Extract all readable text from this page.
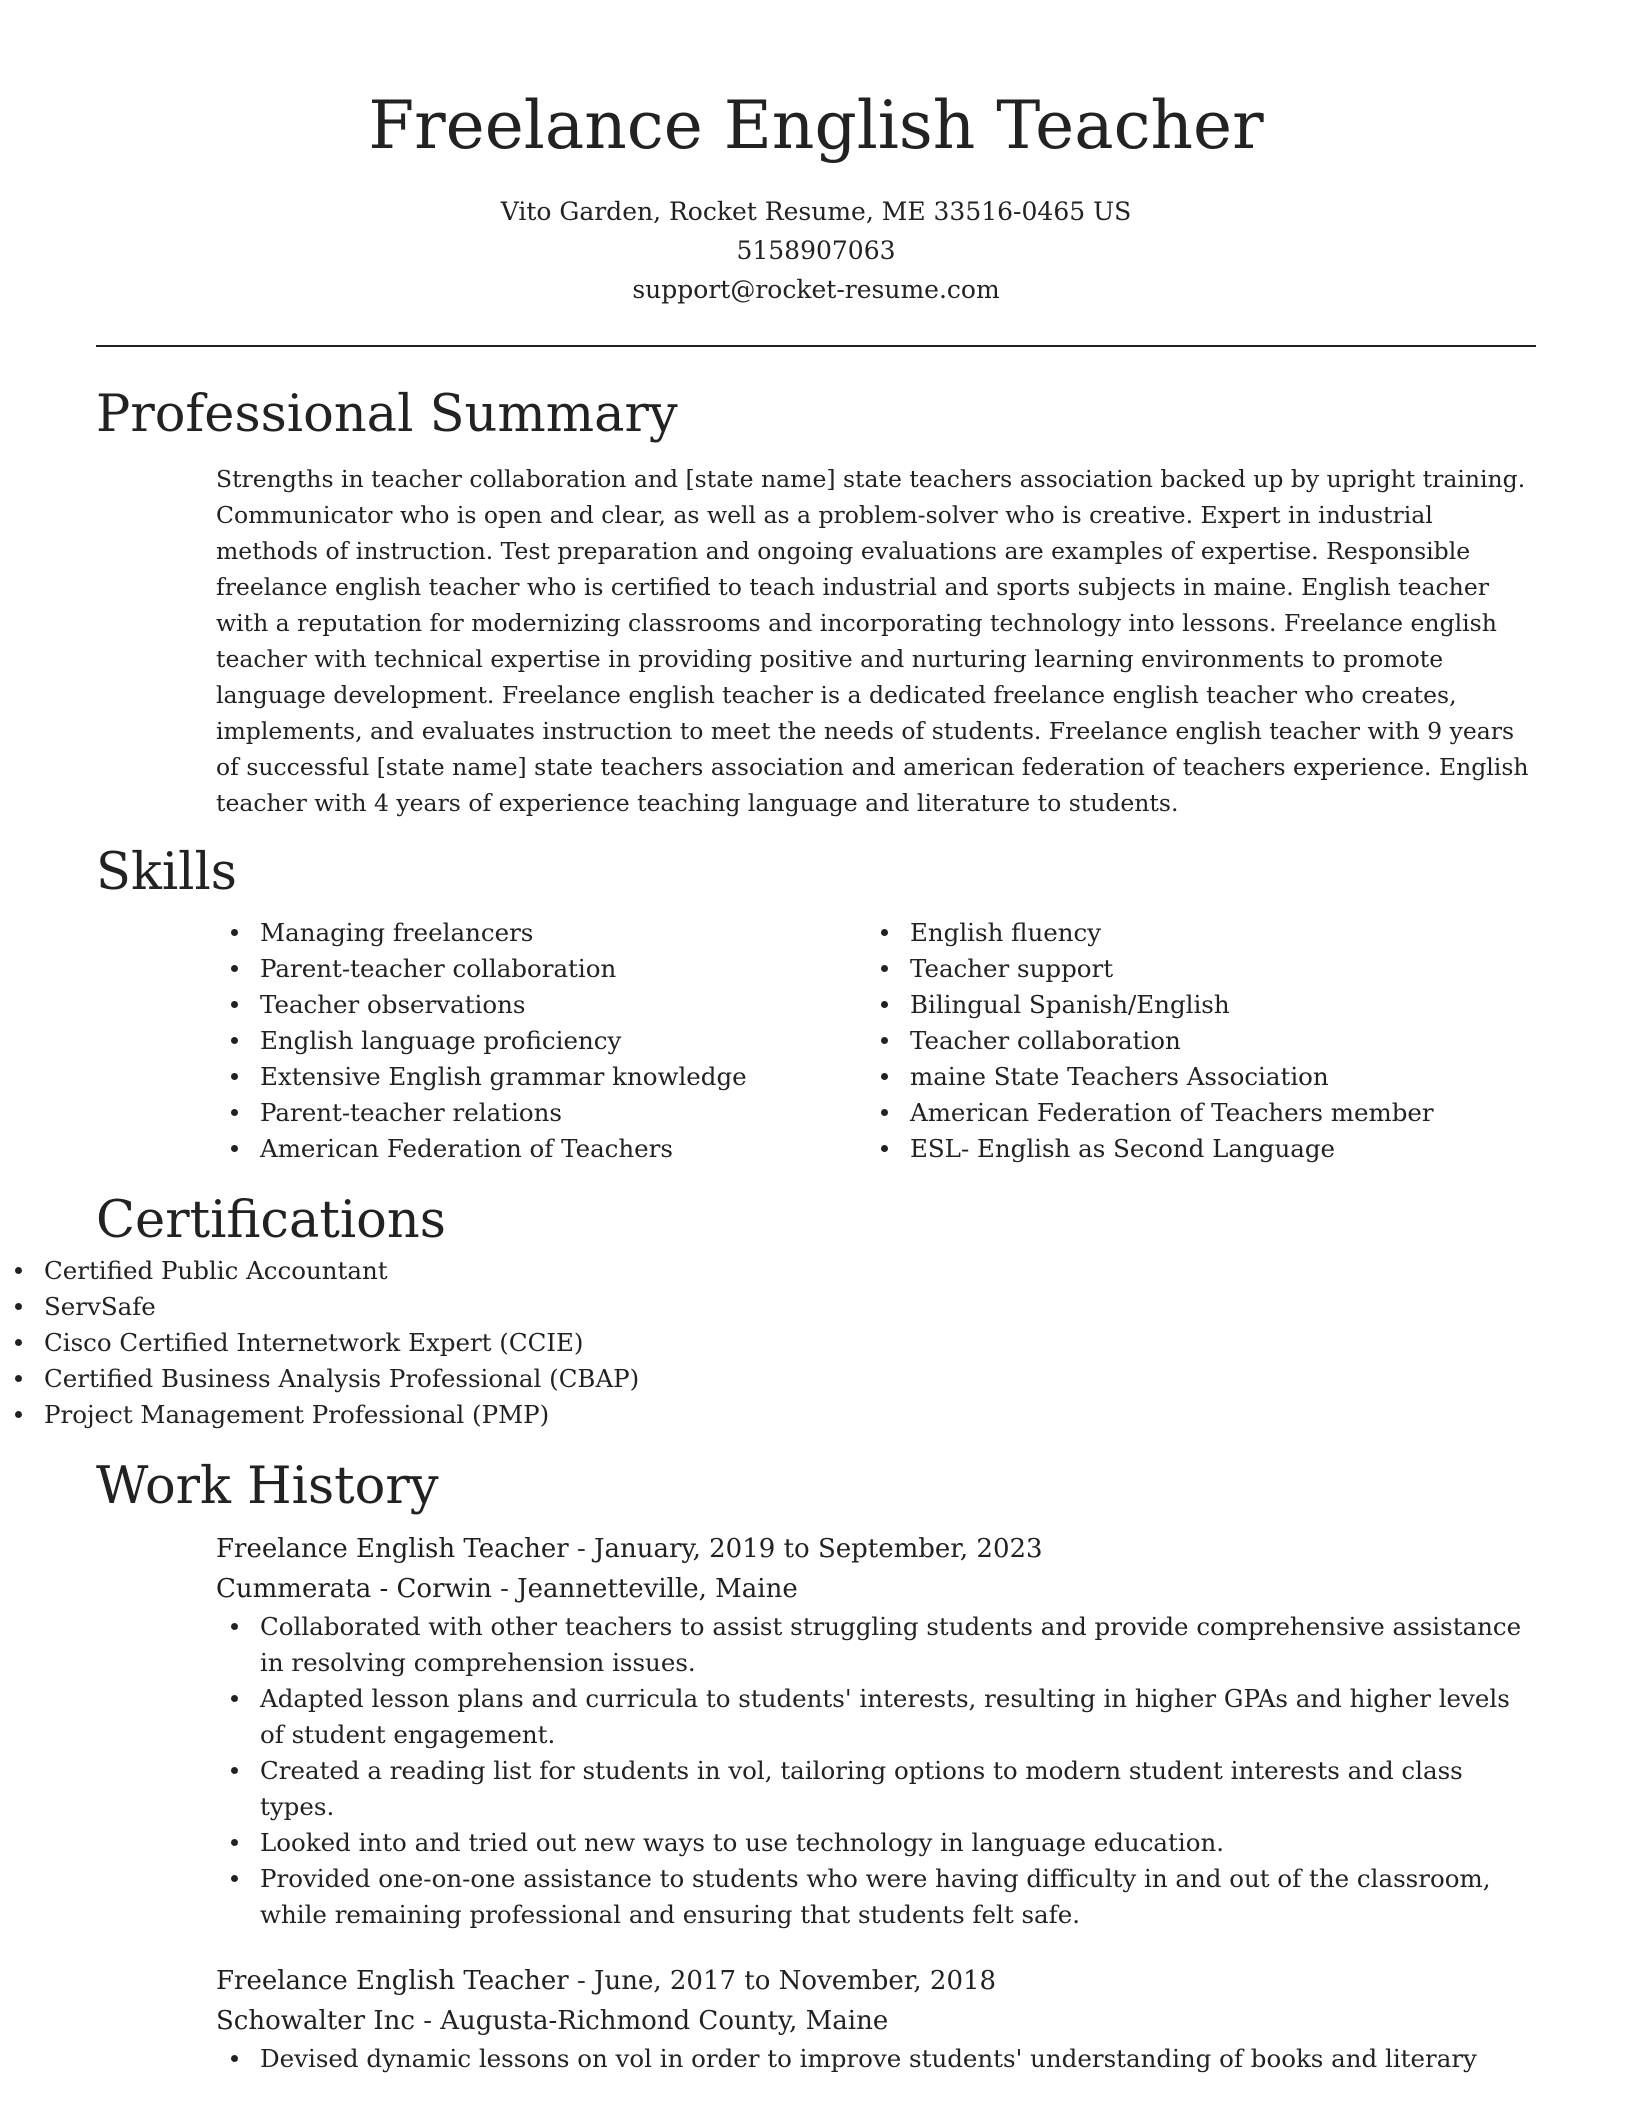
Freelance English Teacher
Vito Garden, Rocket Resume, ME 33516-0465 US
5158907063
support@rocket-resume.com
Professional Summary

Strengths in teacher collaboration and [state name] state teachers association backed up by upright training. Communicator who is open and clear, as well as a problem-solver who is creative. Expert in industrial methods of instruction. Test preparation and ongoing evaluations are examples of expertise. Responsible freelance english teacher who is certified to teach industrial and sports subjects in maine. English teacher with a reputation for modernizing classrooms and incorporating technology into lessons. Freelance english teacher with technical expertise in providing positive and nurturing learning environments to promote language development. Freelance english teacher is a dedicated freelance english teacher who creates, implements, and evaluates instruction to meet the needs of students. Freelance english teacher with 9 years of successful [state name] state teachers association and american federation of teachers experience. English teacher with 4 years of experience teaching language and literature to students.

Skills
Managing freelancers
Parent-teacher collaboration
Teacher observations
English language proficiency
Extensive English grammar knowledge
Parent-teacher relations
American Federation of Teachers
English fluency
Teacher support
Bilingual Spanish/English
Teacher collaboration
maine State Teachers Association
American Federation of Teachers member
ESL- English as Second Language
Certifications
Certified Public Accountant
ServSafe
Cisco Certified Internetwork Expert (CCIE)
Certified Business Analysis Professional (CBAP)
Project Management Professional (PMP)
Work History
Freelance English Teacher - January, 2019 to September, 2023
Cummerata - Corwin - Jeannetteville, Maine
Collaborated with other teachers to assist struggling students and provide comprehensive assistance in resolving comprehension issues.
Adapted lesson plans and curricula to students' interests, resulting in higher GPAs and higher levels of student engagement.
Created a reading list for students in vol, tailoring options to modern student interests and class types.
Looked into and tried out new ways to use technology in language education.
Provided one-on-one assistance to students who were having difficulty in and out of the classroom, while remaining professional and ensuring that students felt safe.
Freelance English Teacher - June, 2017 to November, 2018
Schowalter Inc - Augusta-Richmond County, Maine
Devised dynamic lessons on vol in order to improve students' understanding of books and literary
